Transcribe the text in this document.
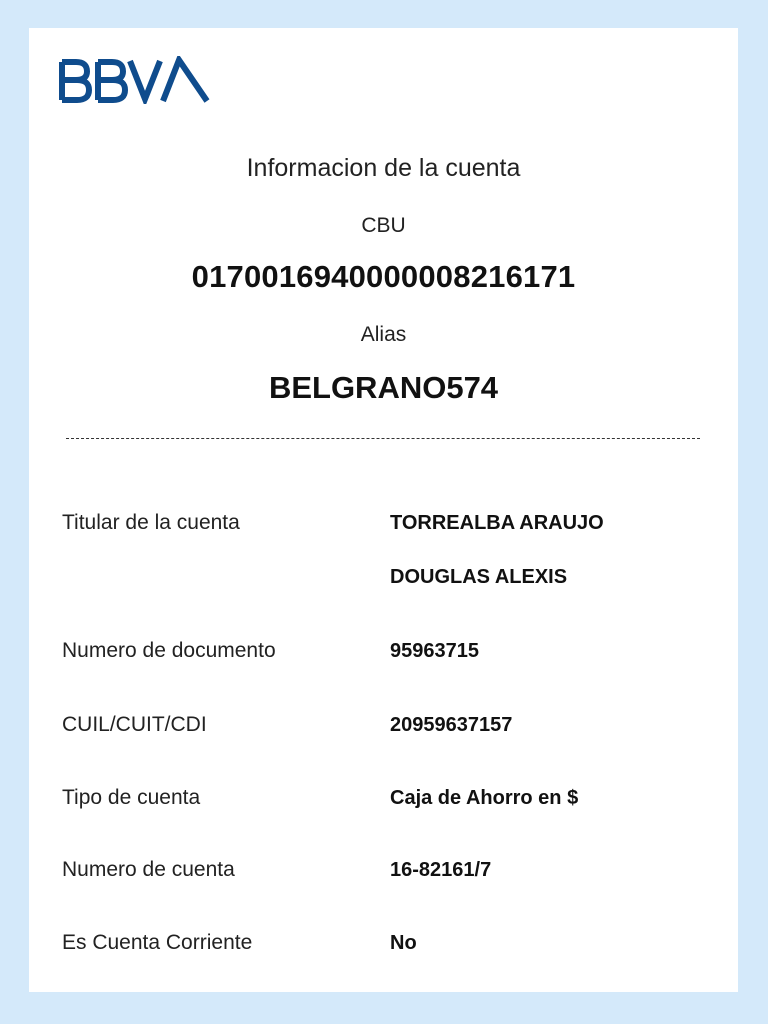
Informacion de la cuenta
CBU
0170016940000008216171
Alias
BELGRANO574
Titular de la cuenta	TORREALBA ARAUJO
DOUGLAS ALEXIS
Numero de documento	95963715
CUIL/CUIT/CDI	20959637157
Tipo de cuenta	Caja de Ahorro en $
Numero de cuenta	16-82161/7
Es Cuenta Corriente	No
